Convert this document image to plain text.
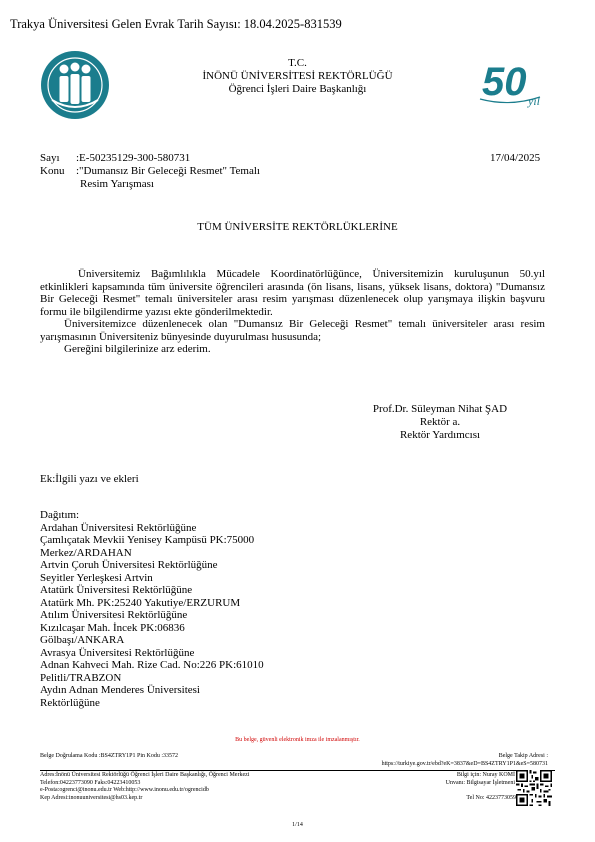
Trakya Üniversitesi Gelen Evrak Tarih Sayısı: 18.04.2025-831539
50 yıl
T.C.
İNÖNÜ ÜNİVERSİTESİ REKTÖRLÜĞÜ
Öğrenci İşleri Daire Başkanlığı
Sayı	:E-50235129-300-580731
Konu	:"Dumansız Bir Geleceği Resmet" Temalı
Resim Yarışması
17/04/2025
TÜM ÜNİVERSİTE REKTÖRLÜKLERİNE

Üniversitemiz Bağımlılıkla Mücadele Koordinatörlüğünce, Üniversitemizin kuruluşunun 50.yıl etkinlikleri kapsamında tüm üniversite öğrencileri arasında (ön lisans, lisans, yüksek lisans, doktora) "Dumansız Bir Geleceği Resmet" temalı üniversiteler arası resim yarışması düzenlenecek olup yarışmaya ilişkin başvuru formu ile bilgilendirme yazısı ekte gönderilmektedir.

Üniversitemizce düzenlenecek olan "Dumansız Bir Geleceği Resmet" temalı üniversiteler arası resim yarışmasının Üniversiteniz bünyesinde duyurulması hususunda;

Gereğini bilgilerinize arz ederim.

Prof.Dr. Süleyman Nihat ŞAD
Rektör a.
Rektör Yardımcısı
Ek:İlgili yazı ve ekleri
Dağıtım:
Ardahan Üniversitesi Rektörlüğüne
Çamlıçatak Mevkii Yenisey Kampüsü PK:75000
Merkez/ARDAHAN
Artvin Çoruh Üniversitesi Rektörlüğüne
Seyitler Yerleşkesi Artvin
Atatürk Üniversitesi Rektörlüğüne
Atatürk Mh. PK:25240 Yakutiye/ERZURUM
Atılım Üniversitesi Rektörlüğüne
Kızılcaşar Mah. İncek PK:06836
Gölbaşı/ANKARA
Avrasya Üniversitesi Rektörlüğüne
Adnan Kahveci Mah. Rize Cad. No:226 PK:61010
Pelitli/TRABZON
Aydın Adnan Menderes Üniversitesi
Rektörlüğüne
Bu belge, güvenli elektronik imza ile imzalanmıştır.
Belge Doğrulama Kodu :BS4ZTRY1P1 Pin Kodu :33572	Belge Takip Adresi :
https://turkiye.gov.tr/ebd?eK=3837&eD=BS4ZTRY1P1&eS=580731
Adres:İnönü Üniversitesi Rektörlüğü Öğrenci İşleri Daire Başkanlığı, Öğrenci Merkezi
Telefon:04223773090 Faks:04223410053
e-Posta:ogrenci@inonu.edu.tr Web:http://www.inonu.edu.tr/ogrencidb
Kep Adresi:inonuuniversitesi@hs03.kep.tr
Bilgi için: Nuray KOMİ
Unvanı: Bilgisayar İşletmeni
Tel No: 4223773059
1/14
